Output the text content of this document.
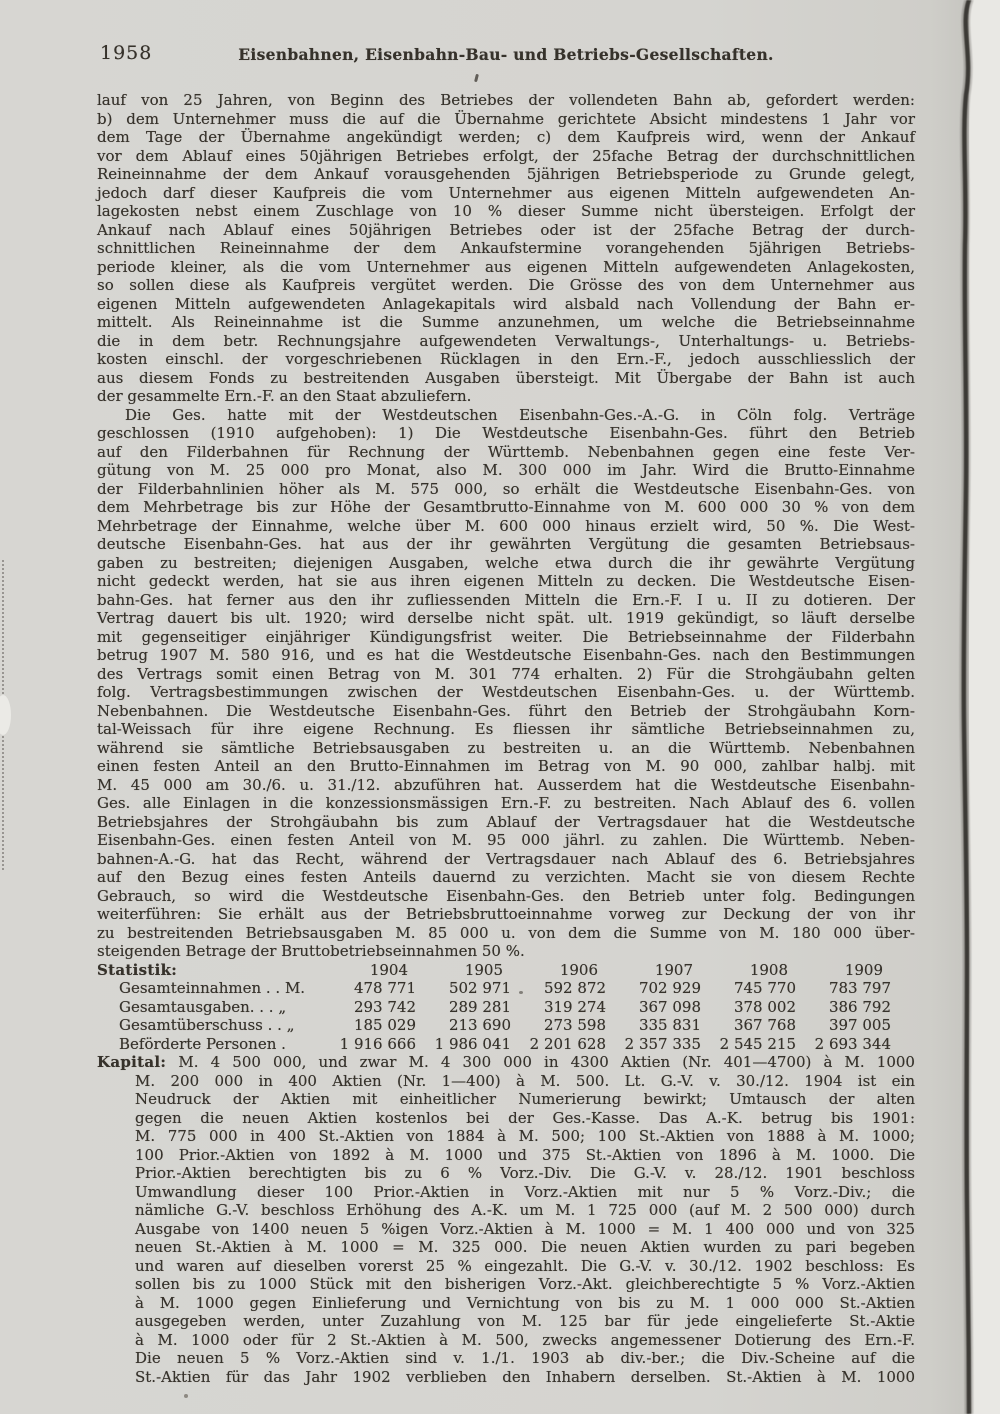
1958	Eisenbahnen, Eisenbahn-Bau- und Betriebs-Gesellschaften.
lauf von 25 Jahren, von Beginn des Betriebes der vollendeten Bahn ab, gefordert werden:
b) dem Unternehmer muss die auf die Übernahme gerichtete Absicht mindestens 1 Jahr vor
dem Tage der Übernahme angekündigt werden; c) dem Kaufpreis wird, wenn der Ankauf
vor dem Ablauf eines 50jährigen Betriebes erfolgt, der 25fache Betrag der durchschnittlichen
Reineinnahme der dem Ankauf vorausgehenden 5jährigen Betriebsperiode zu Grunde gelegt,
jedoch darf dieser Kaufpreis die vom Unternehmer aus eigenen Mitteln aufgewendeten An-
lagekosten nebst einem Zuschlage von 10 % dieser Summe nicht übersteigen. Erfolgt der
Ankauf nach Ablauf eines 50jährigen Betriebes oder ist der 25fache Betrag der durch-
schnittlichen Reineinnahme der dem Ankaufstermine vorangehenden 5jährigen Betriebs-
periode kleiner, als die vom Unternehmer aus eigenen Mitteln aufgewendeten Anlagekosten,
so sollen diese als Kaufpreis vergütet werden. Die Grösse des von dem Unternehmer aus
eigenen Mitteln aufgewendeten Anlagekapitals wird alsbald nach Vollendung der Bahn er-
mittelt. Als Reineinnahme ist die Summe anzunehmen, um welche die Betriebseinnahme
die in dem betr. Rechnungsjahre aufgewendeten Verwaltungs-, Unterhaltungs- u. Betriebs-
kosten einschl. der vorgeschriebenen Rücklagen in den Ern.-F., jedoch ausschliesslich der
aus diesem Fonds zu bestreitenden Ausgaben übersteigt. Mit Übergabe der Bahn ist auch
der gesammelte Ern.-F. an den Staat abzuliefern.
Die Ges. hatte mit der Westdeutschen Eisenbahn-Ges.-A.-G. in Cöln folg. Verträge
geschlossen (1910 aufgehoben): 1) Die Westdeutsche Eisenbahn-Ges. führt den Betrieb
auf den Filderbahnen für Rechnung der Württemb. Nebenbahnen gegen eine feste Ver-
gütung von M. 25 000 pro Monat, also M. 300 000 im Jahr. Wird die Brutto-Einnahme
der Filderbahnlinien höher als M. 575 000, so erhält die Westdeutsche Eisenbahn-Ges. von
dem Mehrbetrage bis zur Höhe der Gesamtbrutto-Einnahme von M. 600 000 30 % von dem
Mehrbetrage der Einnahme, welche über M. 600 000 hinaus erzielt wird, 50 %. Die West-
deutsche Eisenbahn-Ges. hat aus der ihr gewährten Vergütung die gesamten Betriebsaus-
gaben zu bestreiten; diejenigen Ausgaben, welche etwa durch die ihr gewährte Vergütung
nicht gedeckt werden, hat sie aus ihren eigenen Mitteln zu decken. Die Westdeutsche Eisen-
bahn-Ges. hat ferner aus den ihr zufliessenden Mitteln die Ern.-F. I u. II zu dotieren. Der
Vertrag dauert bis ult. 1920; wird derselbe nicht spät. ult. 1919 gekündigt, so läuft derselbe
mit gegenseitiger einjähriger Kündigungsfrist weiter. Die Betriebseinnahme der Filderbahn
betrug 1907 M. 580 916, und es hat die Westdeutsche Eisenbahn-Ges. nach den Bestimmungen
des Vertrags somit einen Betrag von M. 301 774 erhalten. 2) Für die Strohgäubahn gelten
folg. Vertragsbestimmungen zwischen der Westdeutschen Eisenbahn-Ges. u. der Württemb.
Nebenbahnen. Die Westdeutsche Eisenbahn-Ges. führt den Betrieb der Strohgäubahn Korn-
tal-Weissach für ihre eigene Rechnung. Es fliessen ihr sämtliche Betriebseinnahmen zu,
während sie sämtliche Betriebsausgaben zu bestreiten u. an die Württemb. Nebenbahnen
einen festen Anteil an den Brutto-Einnahmen im Betrag von M. 90 000, zahlbar halbj. mit
M. 45 000 am 30./6. u. 31./12. abzuführen hat. Ausserdem hat die Westdeutsche Eisenbahn-
Ges. alle Einlagen in die konzessionsmässigen Ern.-F. zu bestreiten. Nach Ablauf des 6. vollen
Betriebsjahres der Strohgäubahn bis zum Ablauf der Vertragsdauer hat die Westdeutsche
Eisenbahn-Ges. einen festen Anteil von M. 95 000 jährl. zu zahlen. Die Württemb. Neben-
bahnen-A.-G. hat das Recht, während der Vertragsdauer nach Ablauf des 6. Betriebsjahres
auf den Bezug eines festen Anteils dauernd zu verzichten. Macht sie von diesem Rechte
Gebrauch, so wird die Westdeutsche Eisenbahn-Ges. den Betrieb unter folg. Bedingungen
weiterführen: Sie erhält aus der Betriebsbruttoeinnahme vorweg zur Deckung der von ihr
zu bestreitenden Betriebsausgaben M. 85 000 u. von dem die Summe von M. 180 000 über-
steigenden Betrage der Bruttobetriebseinnahmen 50 %.
Statistik:	1904	1905	1906	1907	1908	1909
Gesamteinnahmen . . M.	478 771	502 971	592 872	702 929	745 770	783 797
Gesamtausgaben. . . „	293 742	289 281	319 274	367 098	378 002	386 792
Gesamtüberschuss . . „	185 029	213 690	273 598	335 831	367 768	397 005
Beförderte Personen .	1 916 666	1 986 041	2 201 628	2 357 335	2 545 215	2 693 344
Kapital: M. 4 500 000, und zwar M. 4 300 000 in 4300 Aktien (Nr. 401—4700) à M. 1000
M. 200 000 in 400 Aktien (Nr. 1—400) à M. 500. Lt. G.-V. v. 30./12. 1904 ist ein
Neudruck der Aktien mit einheitlicher Numerierung bewirkt; Umtausch der alten
gegen die neuen Aktien kostenlos bei der Ges.-Kasse. Das A.-K. betrug bis 1901:
M. 775 000 in 400 St.-Aktien von 1884 à M. 500; 100 St.-Aktien von 1888 à M. 1000;
100 Prior.-Aktien von 1892 à M. 1000 und 375 St.-Aktien von 1896 à M. 1000. Die
Prior.-Aktien berechtigten bis zu 6 % Vorz.-Div. Die G.-V. v. 28./12. 1901 beschloss
Umwandlung dieser 100 Prior.-Aktien in Vorz.-Aktien mit nur 5 % Vorz.-Div.; die
nämliche G.-V. beschloss Erhöhung des A.-K. um M. 1 725 000 (auf M. 2 500 000) durch
Ausgabe von 1400 neuen 5 %igen Vorz.-Aktien à M. 1000 = M. 1 400 000 und von 325
neuen St.-Aktien à M. 1000 = M. 325 000. Die neuen Aktien wurden zu pari begeben
und waren auf dieselben vorerst 25 % eingezahlt. Die G.-V. v. 30./12. 1902 beschloss: Es
sollen bis zu 1000 Stück mit den bisherigen Vorz.-Akt. gleichberechtigte 5 % Vorz.-Aktien
à M. 1000 gegen Einlieferung und Vernichtung von bis zu M. 1 000 000 St.-Aktien
ausgegeben werden, unter Zuzahlung von M. 125 bar für jede eingelieferte St.-Aktie
à M. 1000 oder für 2 St.-Aktien à M. 500, zwecks angemessener Dotierung des Ern.-F.
Die neuen 5 % Vorz.-Aktien sind v. 1./1. 1903 ab div.-ber.; die Div.-Scheine auf die
St.-Aktien für das Jahr 1902 verblieben den Inhabern derselben. St.-Aktien à M. 1000
